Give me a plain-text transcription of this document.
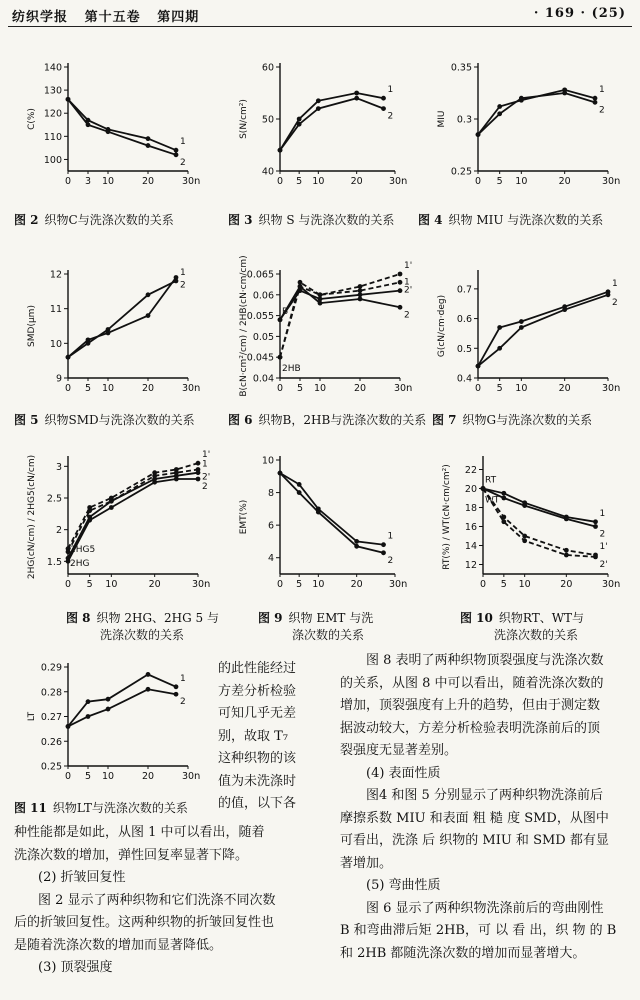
纺织学报 第十五卷 第四期	· 169 · (25)
100
110
120
130
140
0 3 10	20	30 n
C(%)
1
2
40
50
60
0 5 10	20	30 n
S(N/cm²)
1
2
0.25
0.3
0.35
0 5 10	20	30 n
MIU
1
2
图 2 织物C与洗涤次数的关系	图 3 织物 S 与洗涤次数的关系 图 4 织物 MIU 与洗涤次数的关系
9
10
11
12
0 5 10	20	30 n
SMD(μm)
1
2
0.04
0.045
0.05
0.055
0.06
0.065
0 5 10	20	30 n
B(cN·cm²/cm) / 2HB(cN·cm/cm)	1
2
1'
2'
B
2HB
0.4
0.5
0.6
0.7
0 5 10	20	30 n
G(cN/cm·deg)
1
2
图 5 织物SMD与洗涤次数的关系	图 6 织物B，2HB与洗涤次数的关系 图 7 织物G与洗涤次数的关系
1.5
2
2.5
3
0 5 10	20	30 n
2HG(cN/cm) / 2HG5(cN/cm)	1
2
1'
2'
2HG5
2HG	4
6
8
10
0 5 10	20	30 n
EMT(%)
1
2	12
14
16
18
20
22
0 5 10	20	30 n
RT(%) / WT(cN·cm/cm²)	1
2
1'
2'
RT
WT
图 8 织物 2HG、2HG 5 与
洗涤次数的关系
图 9 织物 EMT 与洗
涤次数的关系
图 10 织物RT、WT与
洗涤次数的关系
0.25
0.26
0.27
0.28
0.29
0 5 10	20	30 n
LT
1
2
图 11 织物LT与洗涤次数的关系

的此性能经过

方差分析检验

可知几乎无差

别，故取 T₇

这种织物的该

值为未洗涤时

的值，以下各

种性能都是如此，从图 1 中可以看出，随着

洗涤次数的增加，弹性回复率显著下降。

(2) 折皱回复性

图 2 显示了两种织物和它们洗涤不同次数

后的折皱回复性。这两种织物的折皱回复性也

是随着洗涤次数的增加而显著降低。

(3) 顶裂强度

图 8 表明了两种织物顶裂强度与洗涤次数

的关系，从图 8 中可以看出，随着洗涤次数的

增加，顶裂强度有上升的趋势，但由于测定数

据波动较大，方差分析检验表明洗涤前后的顶

裂强度无显著差别。

(4) 表面性质

图4 和图 5 分别显示了两种织物洗涤前后

摩擦系数 MIU 和表面 粗 糙 度 SMD，从图中

可看出，洗涤 后 织物的 MIU 和 SMD 都有显

著增加。

(5) 弯曲性质

图 6 显示了两种织物洗涤前后的弯曲刚性

B 和弯曲滞后矩 2HB，可 以 看 出，织 物 的 B

和 2HB 都随洗涤次数的增加而显著增大。
